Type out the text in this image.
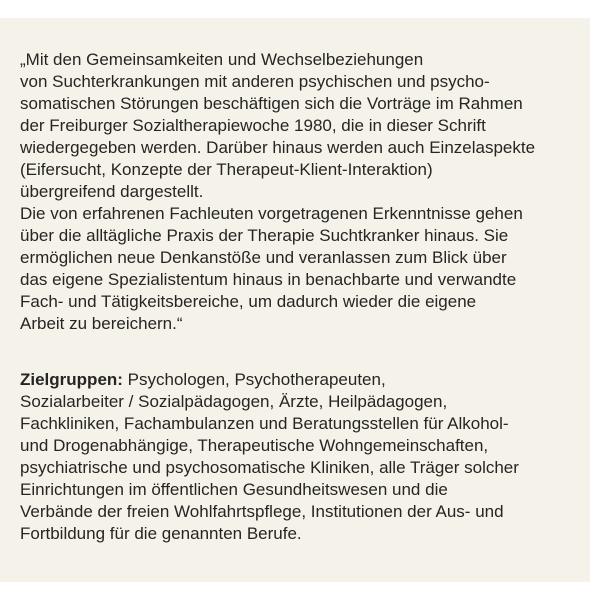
„Mit den Gemeinsamkeiten und Wechselbeziehungen

von Suchterkrankungen mit anderen psychischen und psycho-

somatischen Störungen beschäftigen sich die Vorträge im Rahmen

der Freiburger Sozialtherapiewoche 1980, die in dieser Schrift

wiedergegeben werden. Darüber hinaus werden auch Einzelaspekte

(Eifersucht, Konzepte der Therapeut-Klient-Interaktion)

übergreifend dargestellt.

Die von erfahrenen Fachleuten vorgetragenen Erkenntnisse gehen

über die alltägliche Praxis der Therapie Suchtkranker hinaus. Sie

ermöglichen neue Denkanstöße und veranlassen zum Blick über

das eigene Spezialistentum hinaus in benachbarte und verwandte

Fach- und Tätigkeitsbereiche, um dadurch wieder die eigene

Arbeit zu bereichern.“

Zielgruppen: Psychologen, Psychotherapeuten,

Sozialarbeiter / Sozialpädagogen, Ärzte, Heilpädagogen,

Fachkliniken, Fachambulanzen und Beratungsstellen für Alkohol-

und Drogenabhängige, Therapeutische Wohngemeinschaften,

psychiatrische und psychosomatische Kliniken, alle Träger solcher

Einrichtungen im öffentlichen Gesundheitswesen und die

Verbände der freien Wohlfahrtspflege, Institutionen der Aus- und

Fortbildung für die genannten Berufe.
